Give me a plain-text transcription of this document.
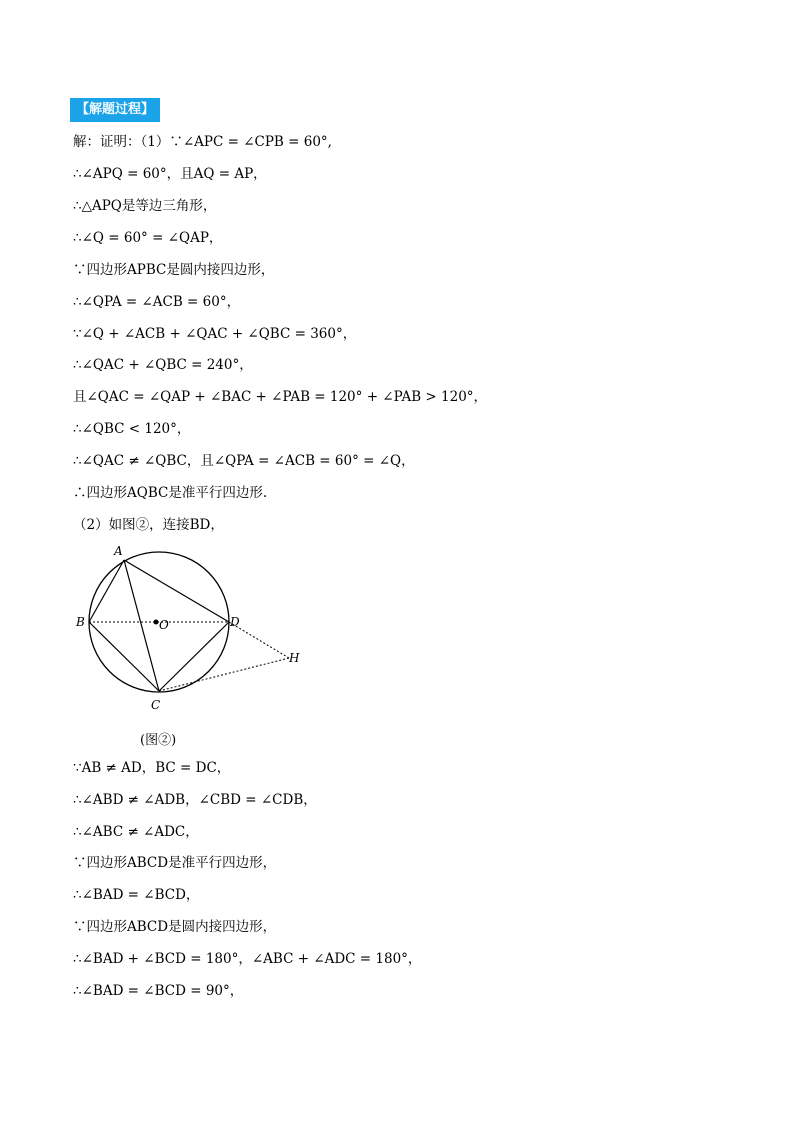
【解题过程】
解：证明：（1）∵∠APC = ∠CPB = 60°,
∴∠APQ = 60°，且AQ = AP，
∴△APQ是等边三角形，
∴∠Q = 60° = ∠QAP，
∵四边形APBC是圆内接四边形，
∴∠QPA = ∠ACB = 60°，
∵∠Q + ∠ACB + ∠QAC + ∠QBC = 360°，
∴∠QAC + ∠QBC = 240°，
且∠QAC = ∠QAP + ∠BAC + ∠PAB = 120° + ∠PAB > 120°，
∴∠QBC < 120°，
∴∠QAC ≠ ∠QBC，且∠QPA = ∠ACB = 60° = ∠Q，
∴四边形AQBC是准平行四边形.
（2）如图②，连接BD，
A
B
C
D
O
H
(图②)
∵AB ≠ AD，BC = DC，
∴∠ABD ≠ ∠ADB，∠CBD = ∠CDB，
∴∠ABC ≠ ∠ADC，
∵四边形ABCD是准平行四边形，
∴∠BAD = ∠BCD，
∵四边形ABCD是圆内接四边形，
∴∠BAD + ∠BCD = 180°，∠ABC + ∠ADC = 180°，
∴∠BAD = ∠BCD = 90°，
